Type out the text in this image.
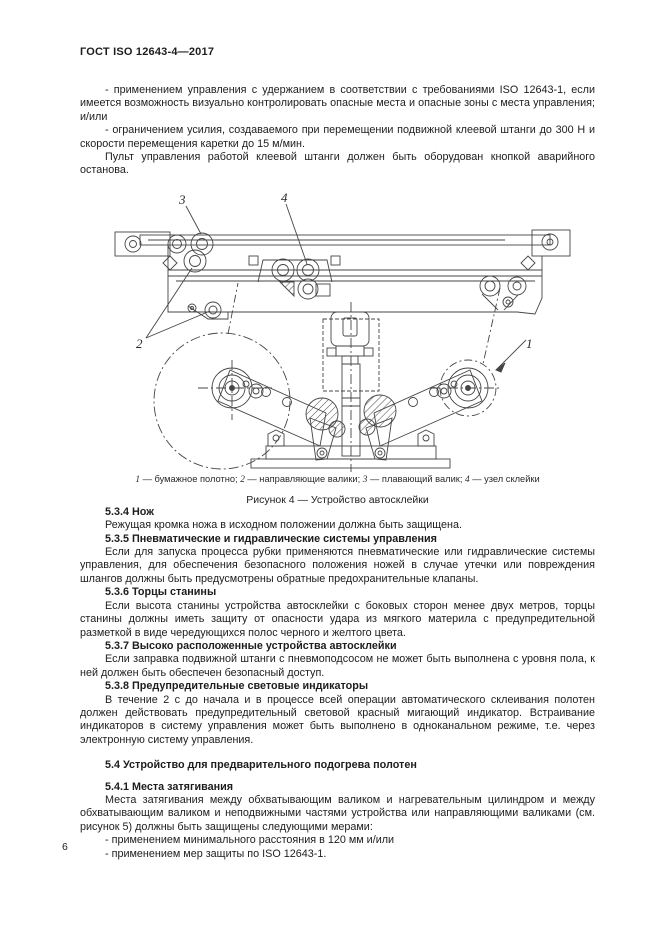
ГОСТ ISO 12643-4—2017

- применением управления с удержанием в соответствии с требованиями ISO 12643-1, если имеется возможность визуально контролировать опасные места и опасные зоны с места управления; и/или

- ограничением усилия, создаваемого при перемещении подвижной клеевой штанги до 300 Н и скорости перемещения каретки до 15 м/мин.

Пульт управления работой клеевой штанги должен быть оборудован кнопкой аварийного останова.

3	4
2	1
1 — бумажное полотно; 2 — направляющие валики; 3 — плавающий валик; 4 — узел склейки
Рисунок 4 — Устройство автосклейки
5.3.4 Нож

Режущая кромка ножа в исходном положении должна быть защищена.

5.3.5 Пневматические и гидравлические системы управления

Если для запуска процесса рубки применяются пневматические или гидравлические системы управления, для обеспечения безопасного положения ножей в случае утечки или повреждения шлангов должны быть предусмотрены обратные предохранительные клапаны.

5.3.6 Торцы станины

Если высота станины устройства автосклейки с боковых сторон менее двух метров, торцы станины должны иметь защиту от опасности удара из мягкого материла с предупредительной разметкой в виде чередующихся полос черного и желтого цвета.

5.3.7 Высоко расположенные устройства автосклейки

Если заправка подвижной штанги с пневмоподсосом не может быть выполнена с уровня пола, к ней должен быть обеспечен безопасный доступ.

5.3.8 Предупредительные световые индикаторы

В течение 2 с до начала и в процессе всей операции автоматического склеивания полотен должен действовать предупредительный световой красный мигающий индикатор. Встраивание индикаторов в систему управления может быть выполнено в одноканальном режиме, т.е. через электронную систему управления.

5.4 Устройство для предварительного подогрева полотен
5.4.1 Места затягивания

Места затягивания между обхватывающим валиком и нагревательным цилиндром и между обхватывающим валиком и неподвижными частями устройства или направляющими валиками (см. рисунок 5) должны быть защищены следующими мерами:

- применением минимального расстояния в 120 мм и/или

- применением мер защиты по ISO 12643-1.

6
